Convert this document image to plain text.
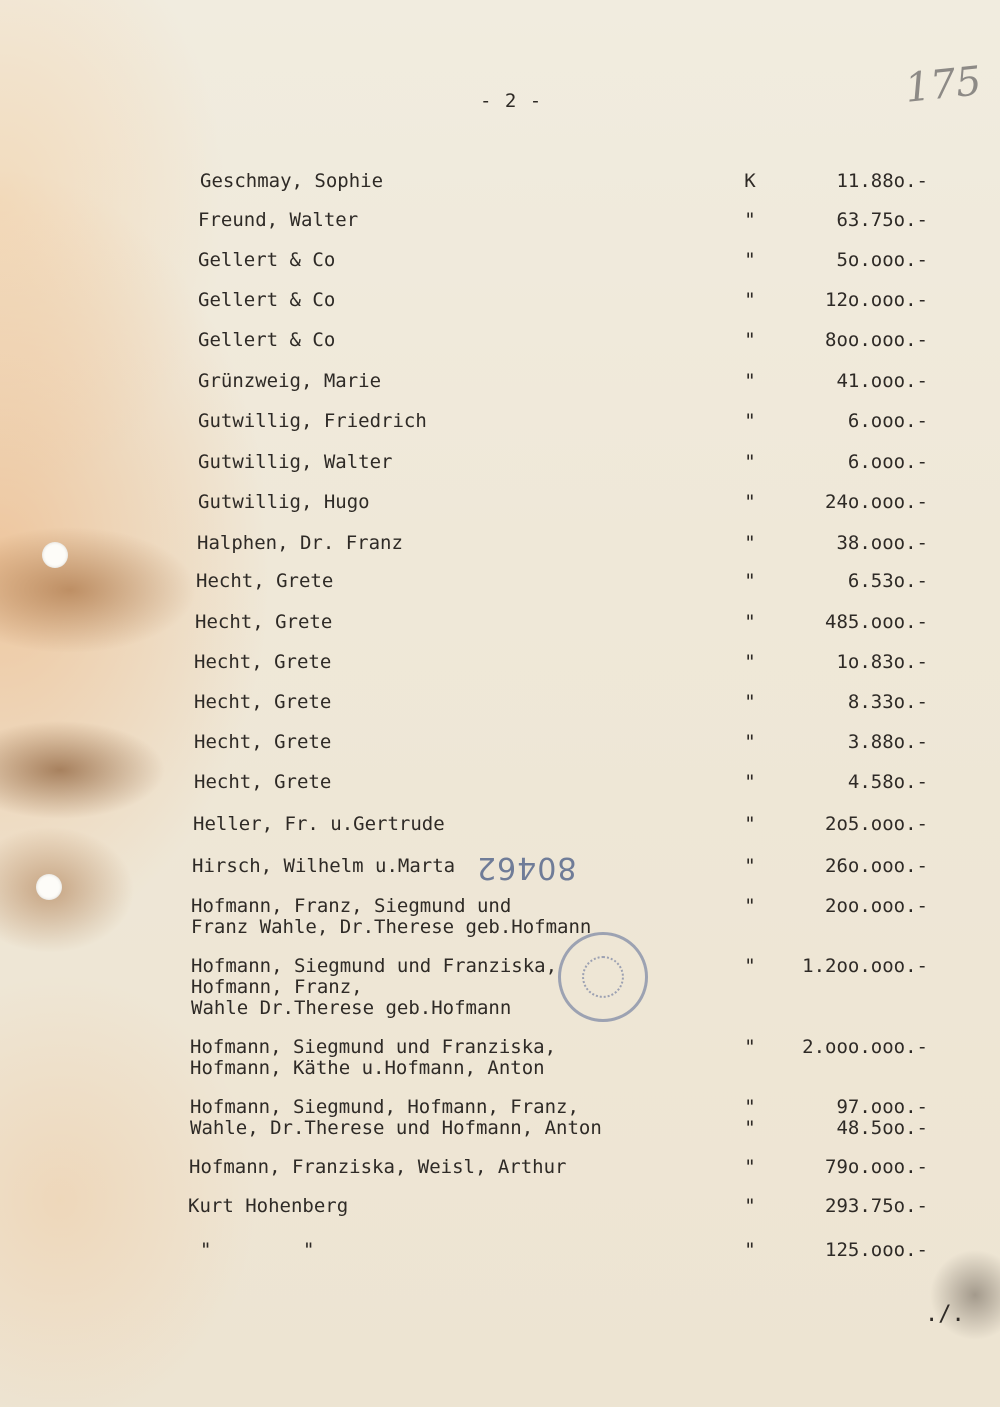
- 2 -	175
Geschmay, Sophie	K	11.88o.-
Freund, Walter	"	63.75o.-
Gellert & Co	"	5o.ooo.-
Gellert & Co	"	12o.ooo.-
Gellert & Co	"	8oo.ooo.-
Grünzweig, Marie	"	41.ooo.-
Gutwillig, Friedrich	"	6.ooo.-
Gutwillig, Walter	"	6.ooo.-
Gutwillig, Hugo	"	24o.ooo.-
Halphen, Dr. Franz	"	38.ooo.-
Hecht, Grete	"	6.53o.-
Hecht, Grete	"	485.ooo.-
Hecht, Grete	"	1o.83o.-
Hecht, Grete	"	8.33o.-
Hecht, Grete	"	3.88o.-
Hecht, Grete	"	4.58o.-
Heller, Fr. u.Gertrude	"	2o5.ooo.-
Hirsch, Wilhelm u.Marta	"	26o.ooo.-
Hofmann, Franz, Siegmund und
Franz Wahle, Dr.Therese geb.Hofmann
"	2oo.ooo.-
Hofmann, Siegmund und Franziska,
Hofmann, Franz,
Wahle Dr.Therese geb.Hofmann
" 1.2oo.ooo.-
Hofmann, Siegmund und Franziska,
Hofmann, Käthe u.Hofmann, Anton
" 2.ooo.ooo.-
Hofmann, Siegmund, Hofmann, Franz,
Wahle, Dr.Therese und Hofmann, Anton
"	97.ooo.-
"	48.5oo.-
Hofmann, Franziska, Weisl, Arthur	"	79o.ooo.-
Kurt Hohenberg	"	293.75o.-
"        "	"	125.ooo.-
80462
./.
